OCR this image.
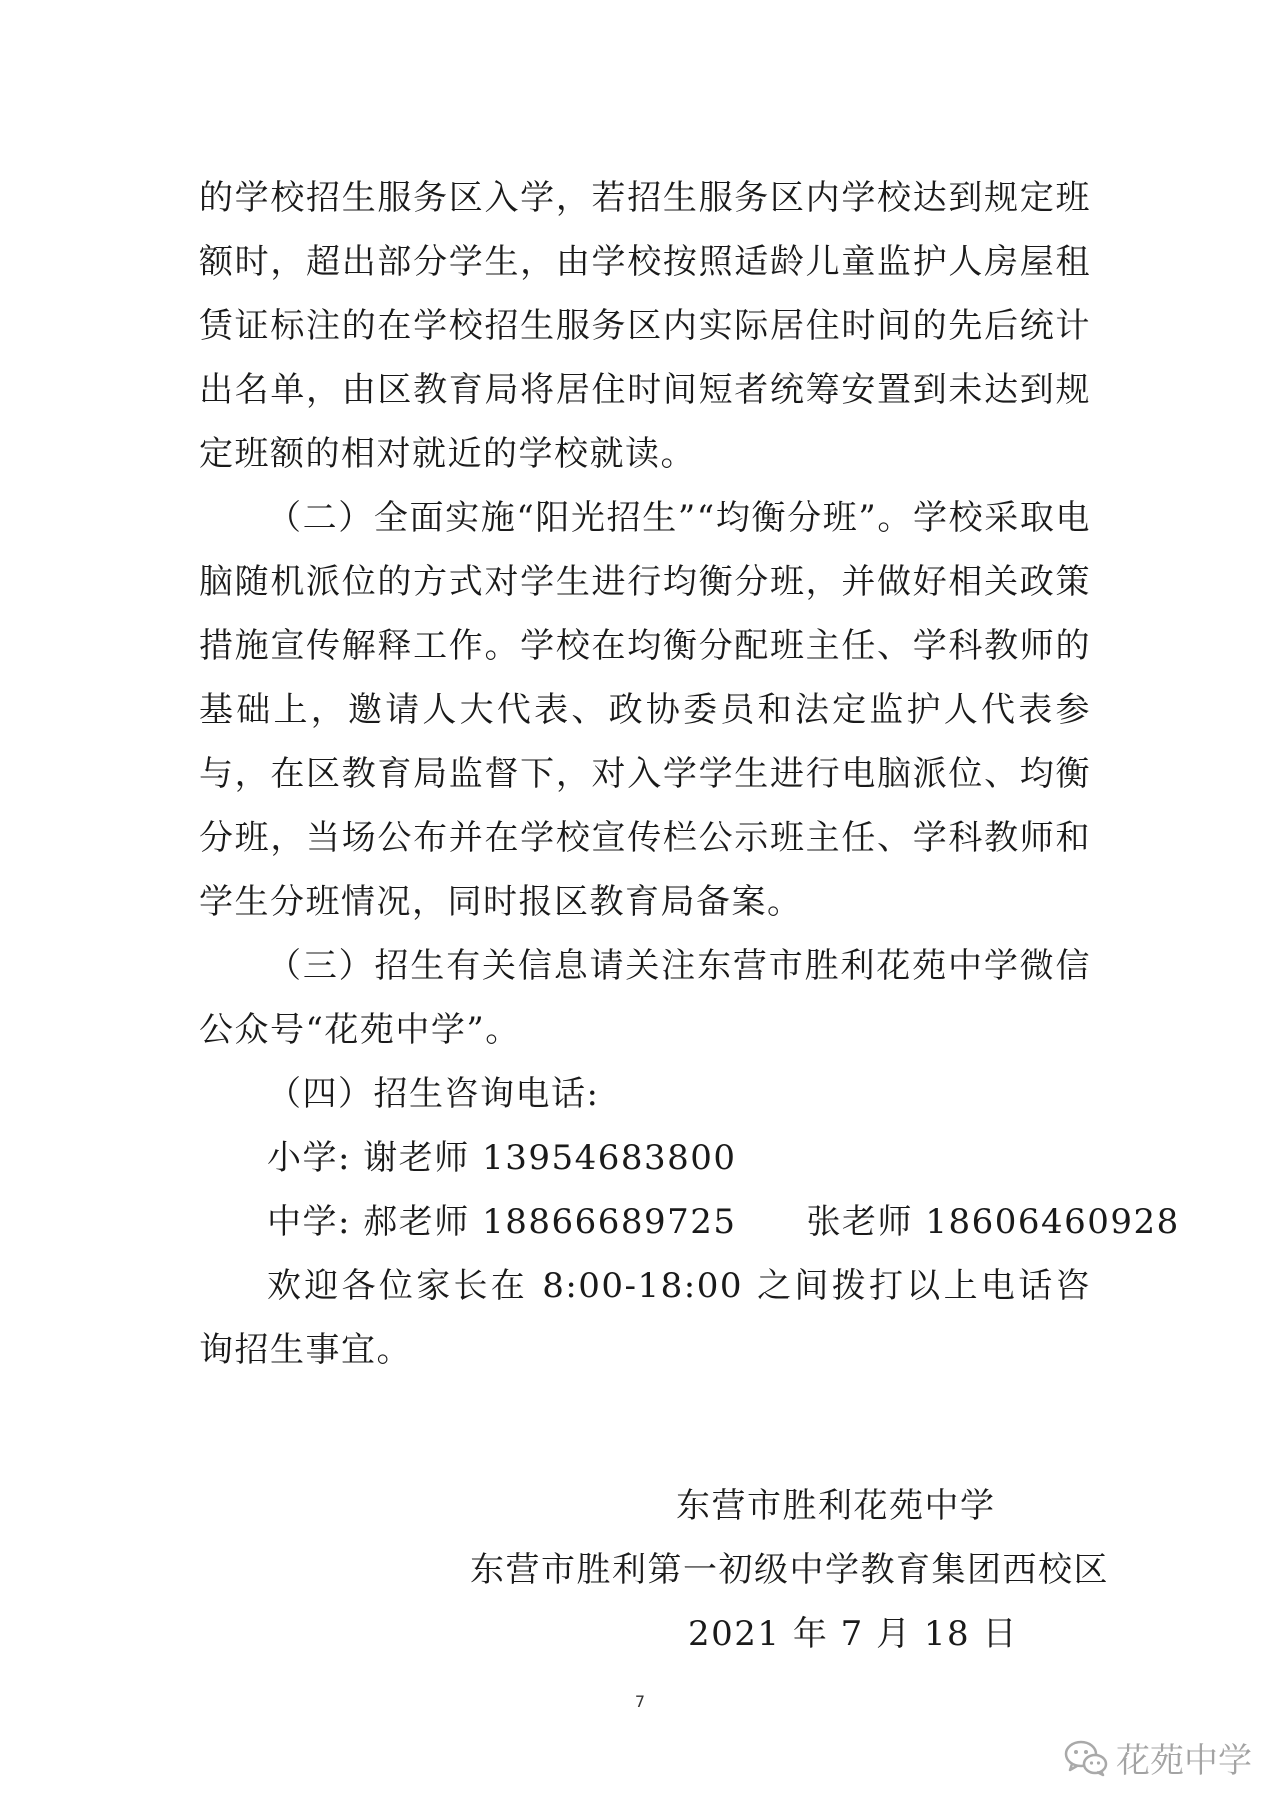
的学校招生服务区入学，若招生服务区内学校达到规定班额时，超出部分学生，由学校按照适龄儿童监护人房屋租赁证标注的在学校招生服务区内实际居住时间的先后统计出名单，由区教育局将居住时间短者统筹安置到未达到规定班额的相对就近的学校就读。

（二）全面实施“阳光招生”“均衡分班”。学校采取电脑随机派位的方式对学生进行均衡分班，并做好相关政策措施宣传解释工作。学校在均衡分配班主任、学科教师的基础上，邀请人大代表、政协委员和法定监护人代表参与，在区教育局监督下，对入学学生进行电脑派位、均衡分班，当场公布并在学校宣传栏公示班主任、学科教师和学生分班情况，同时报区教育局备案。

（三）招生有关信息请关注东营市胜利花苑中学微信公众号“花苑中学”。

（四）招生咨询电话:

小学: 谢老师 13954683800

中学: 郝老师 18866689725 张老师 18606460928

欢迎各位家长在 8:00-18:00 之间拨打以上电话咨询招生事宜。

东营市胜利花苑中学

东营市胜利第一初级中学教育集团西校区

2021 年 7 月 18 日

7
花苑中学
